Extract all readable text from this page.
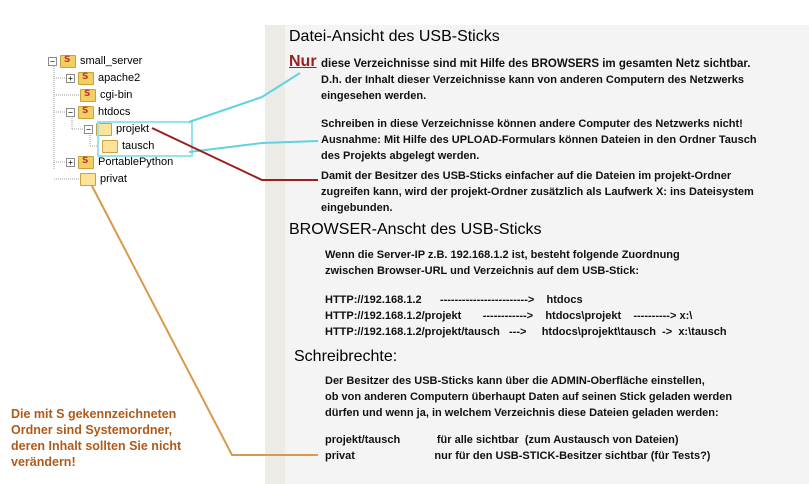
− S small_server
+ S apache2
S
cgi-bin
− S htdocs
− projekt
tausch
+ S PortablePython
privat
Datei-Ansicht des USB-Sticks
Nur diese Verzeichnisse sind mit Hilfe des BROWSERS im gesamten Netz sichtbar.
D.h. der Inhalt dieser Verzeichnisse kann von anderen Computern des Netzwerks
eingesehen werden.
Schreiben in diese Verzeichnisse können andere Computer des Netzwerks nicht!
Ausnahme: Mit Hilfe des UPLOAD-Formulars können Dateien in den Ordner Tausch
des Projekts abgelegt werden.
Damit der Besitzer des USB-Sticks einfacher auf die Dateien im projekt-Ordner
zugreifen kann, wird der projekt-Ordner zusätzlich als Laufwerk X: ins Dateisystem
eingebunden.
BROWSER-Anscht des USB-Sticks
Wenn die Server-IP z.B. 192.168.1.2 ist, besteht folgende Zuordnung
zwischen Browser-URL und Verzeichnis auf dem USB-Stick:
HTTP://192.168.1.2      ------------------------>    htdocs
HTTP://192.168.1.2/projekt       ------------>    htdocs\projekt    ----------> x:\
HTTP://192.168.1.2/projekt/tausch   --->     htdocs\projekt\tausch  ->  x:\tausch
Schreibrechte:
Der Besitzer des USB-Sticks kann über die ADMIN-Oberfläche einstellen,
ob von anderen Computern überhaupt Daten auf seinen Stick geladen werden
dürfen und wenn ja, in welchem Verzeichnis diese Dateien geladen werden:
projekt/tausch            für alle sichtbar  (zum Austausch von Dateien)
privat                          nur für den USB-STICK-Besitzer sichtbar (für Tests?)
Die mit S gekennzeichneten
Ordner sind Systemordner,
deren Inhalt sollten Sie nicht
verändern!
